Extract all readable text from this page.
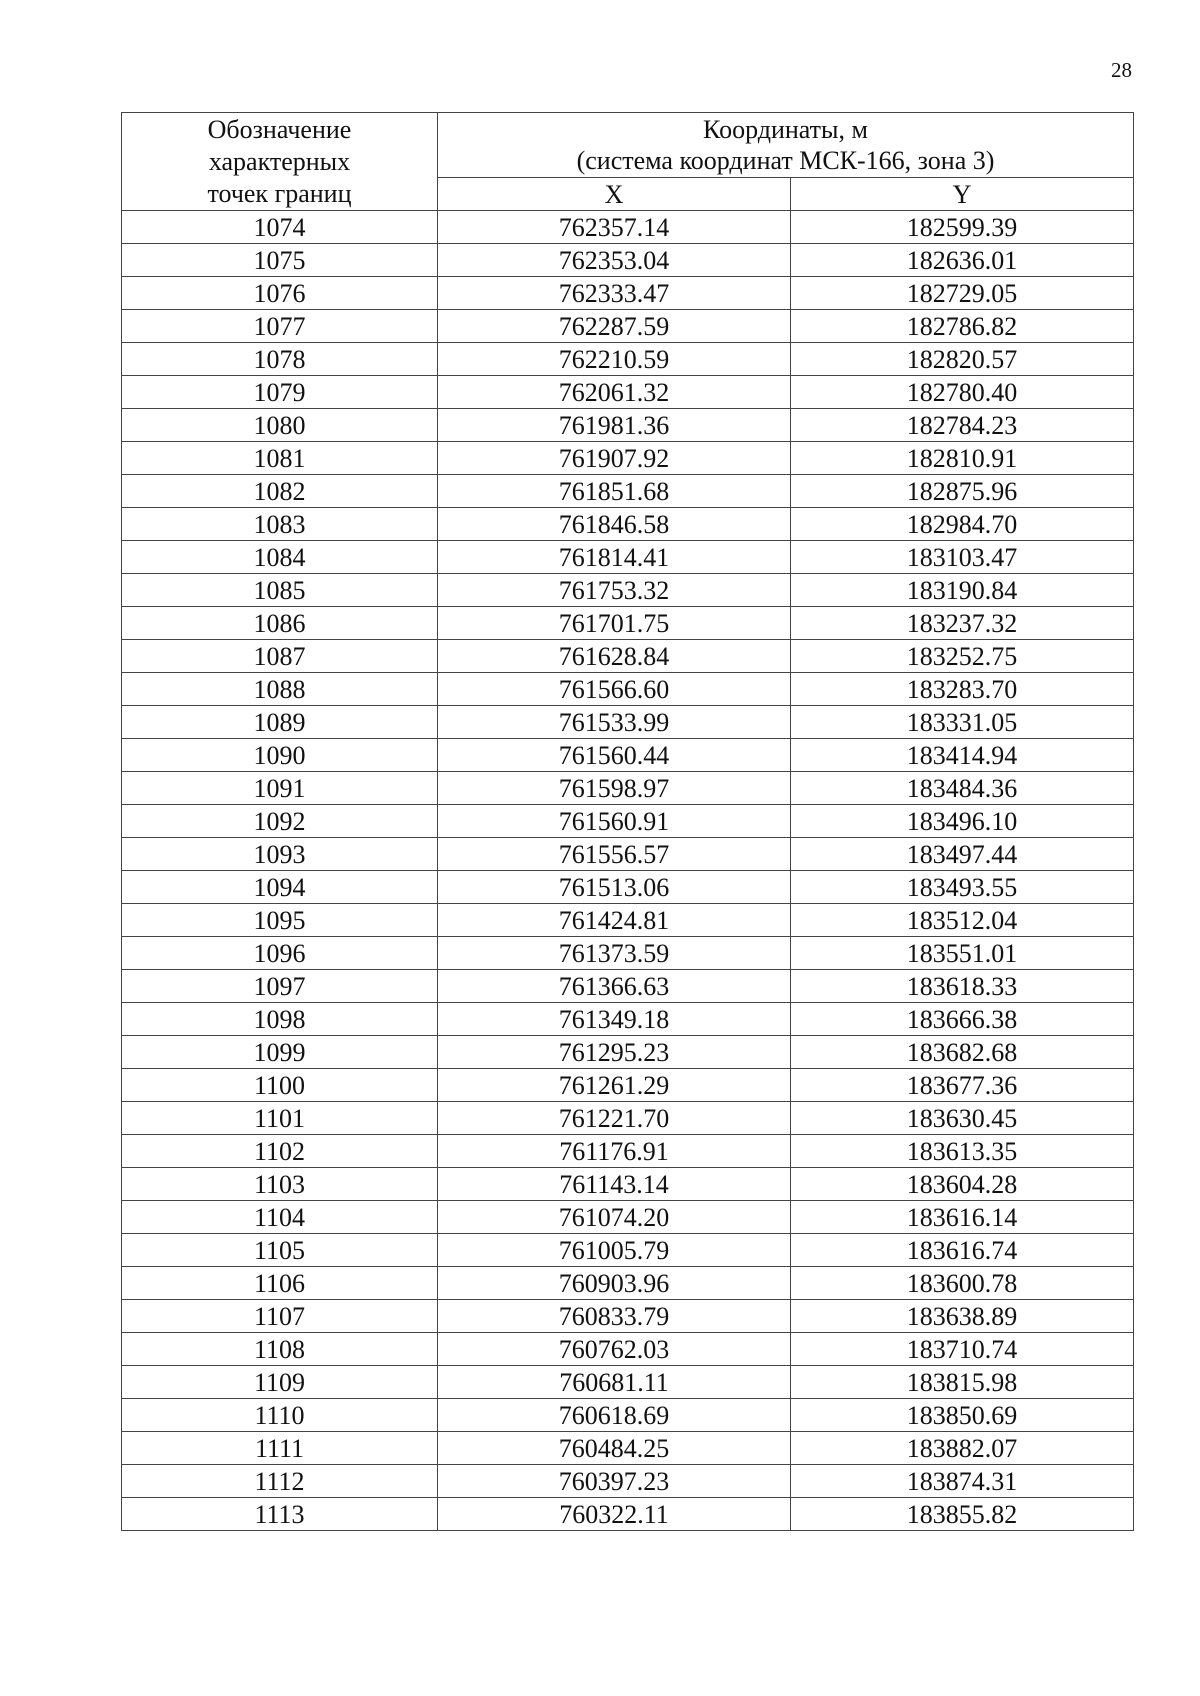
28
Обозначение
характерных
точек границ	Координаты, м
(система координат МСК-166, зона 3)	

	X	Y
1074	762357.14	182599.39
1075	762353.04	182636.01
1076	762333.47	182729.05
1077	762287.59	182786.82
1078	762210.59	182820.57
1079	762061.32	182780.40
1080	761981.36	182784.23
1081	761907.92	182810.91
1082	761851.68	182875.96
1083	761846.58	182984.70
1084	761814.41	183103.47
1085	761753.32	183190.84
1086	761701.75	183237.32
1087	761628.84	183252.75
1088	761566.60	183283.70
1089	761533.99	183331.05
1090	761560.44	183414.94
1091	761598.97	183484.36
1092	761560.91	183496.10
1093	761556.57	183497.44
1094	761513.06	183493.55
1095	761424.81	183512.04
1096	761373.59	183551.01
1097	761366.63	183618.33
1098	761349.18	183666.38
1099	761295.23	183682.68
1100	761261.29	183677.36
1101	761221.70	183630.45
1102	761176.91	183613.35
1103	761143.14	183604.28
1104	761074.20	183616.14
1105	761005.79	183616.74
1106	760903.96	183600.78
1107	760833.79	183638.89
1108	760762.03	183710.74
1109	760681.11	183815.98
1110	760618.69	183850.69
1111	760484.25	183882.07
1112	760397.23	183874.31
1113	760322.11	183855.82
